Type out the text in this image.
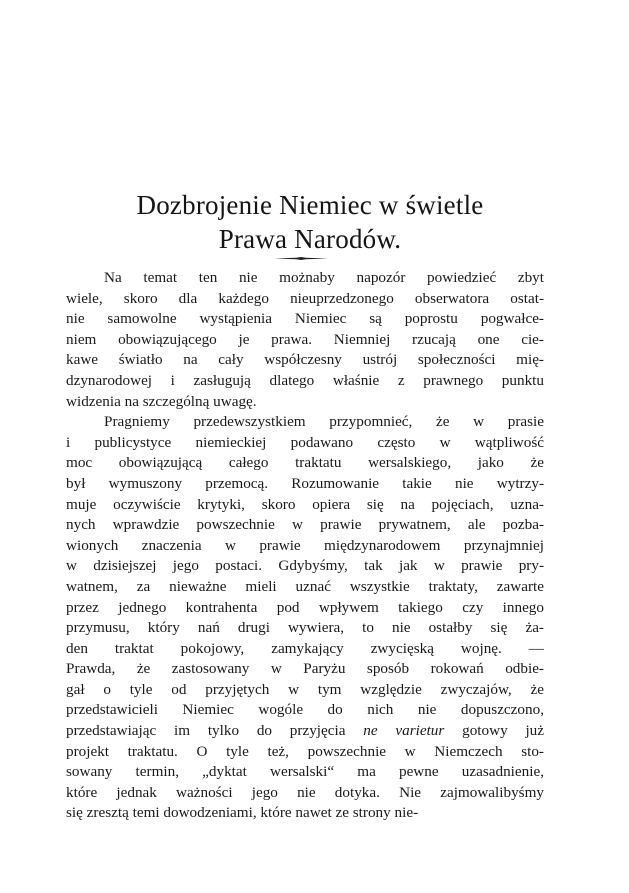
Dozbrojenie Niemiec w świetle
Prawa Narodów.
Na temat ten nie możnaby napozór powiedzieć zbyt
wiele, skoro dla każdego nieuprzedzonego obserwatora ostat-
nie samowolne wystąpienia Niemiec są poprostu pogwałce-
niem obowiązującego je prawa. Niemniej rzucają one cie-
kawe światło na cały współczesny ustrój społeczności mię-
dzynarodowej i zasługują dlatego właśnie z prawnego punktu
widzenia na szczególną uwagę.
Pragniemy przedewszystkiem przypomnieć, że w prasie
i publicystyce niemieckiej podawano często w wątpliwość
moc obowiązującą całego traktatu wersalskiego, jako że
był wymuszony przemocą. Rozumowanie takie nie wytrzy-
muje oczywiście krytyki, skoro opiera się na pojęciach, uzna-
nych wprawdzie powszechnie w prawie prywatnem, ale pozba-
wionych znaczenia w prawie międzynarodowem przynajmniej
w dzisiejszej jego postaci. Gdybyśmy, tak jak w prawie pry-
watnem, za nieważne mieli uznać wszystkie traktaty, zawarte
przez jednego kontrahenta pod wpływem takiego czy innego
przymusu, który nań drugi wywiera, to nie ostałby się ża-
den traktat pokojowy, zamykający zwycięską wojnę. —
Prawda, że zastosowany w Paryżu sposób rokowań odbie-
gał o tyle od przyjętych w tym względzie zwyczajów, że
przedstawicieli Niemiec wogóle do nich nie dopuszczono,
przedstawiając im tylko do przyjęcia ne varietur gotowy już
projekt traktatu. O tyle też, powszechnie w Niemczech sto-
sowany termin, „dyktat wersalski“ ma pewne uzasadnienie,
które jednak ważności jego nie dotyka. Nie zajmowalibyśmy
się zresztą temi dowodzeniami, które nawet ze strony nie-
